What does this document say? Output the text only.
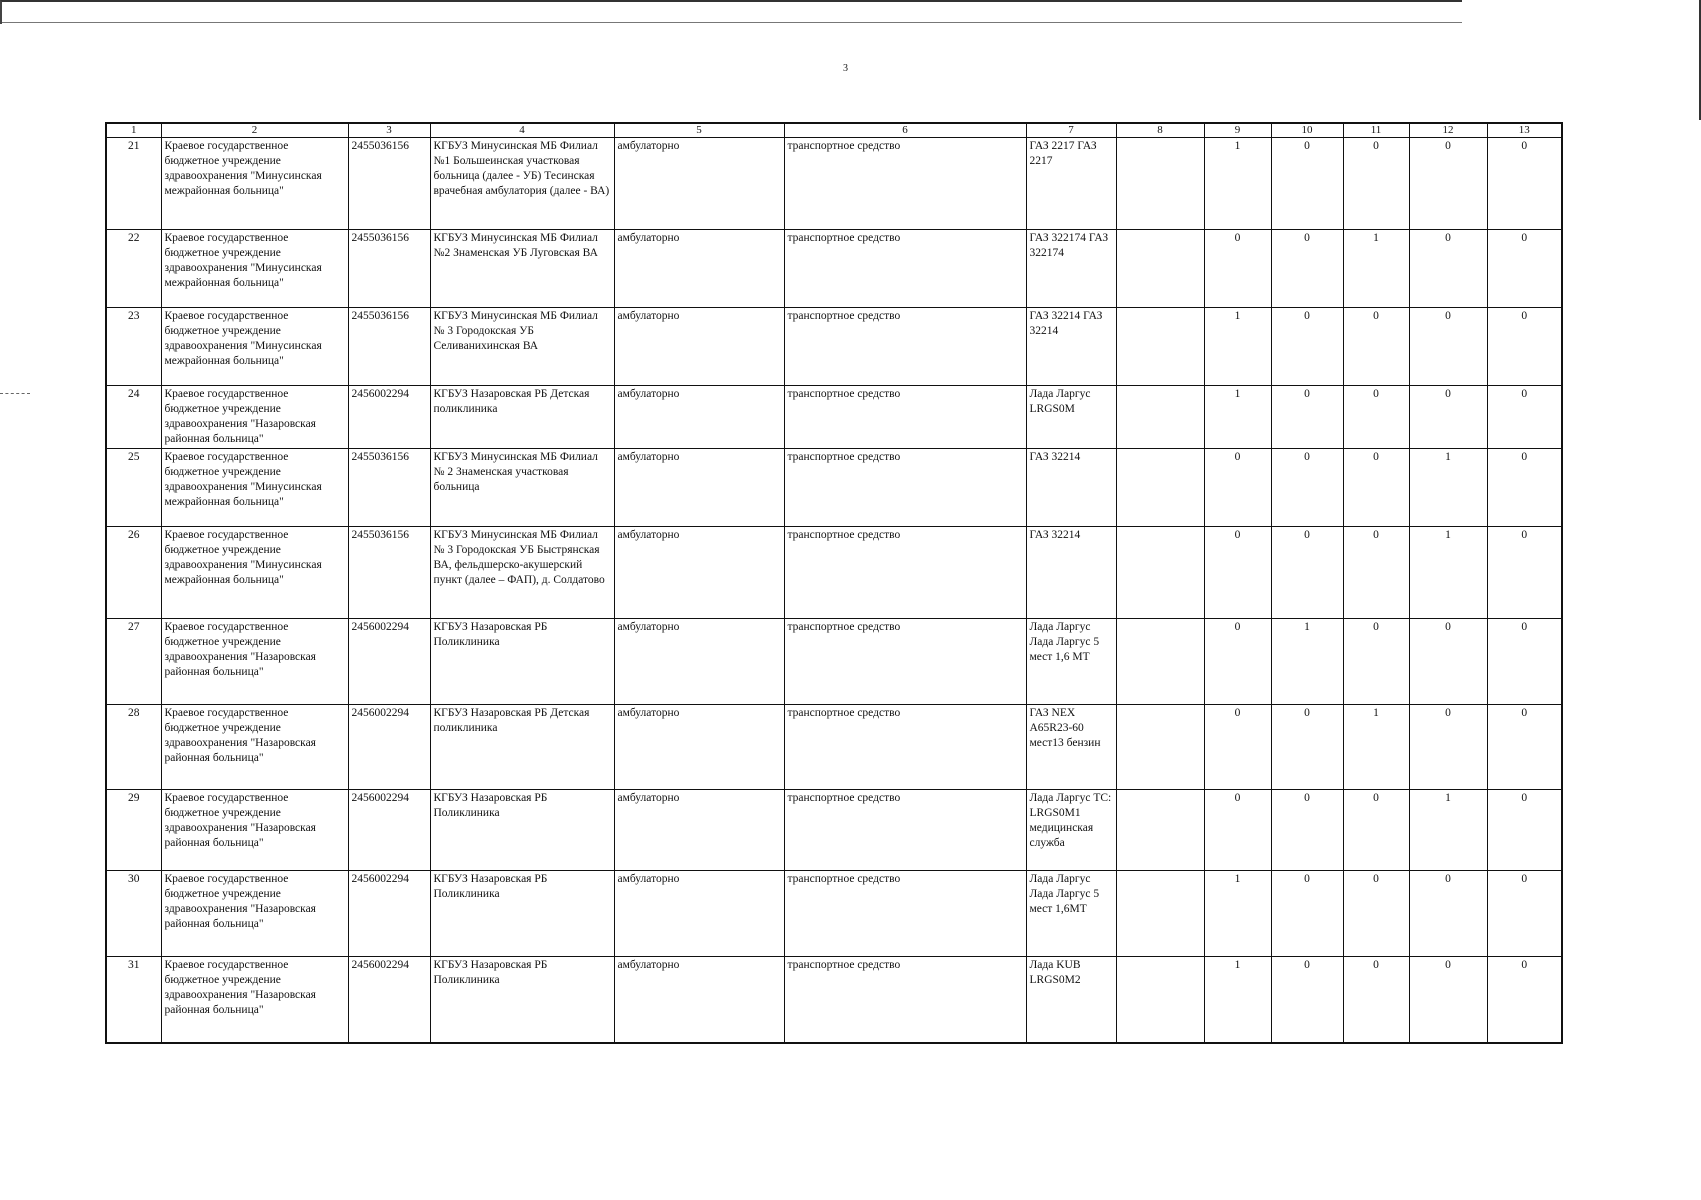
3
1	2	3	4	5	6	7	8	9	10	11	12	13
21	Краевое государственное бюджетное учреждение здравоохранения "Минусинская межрайонная больница"	2455036156	КГБУЗ Минусинская МБ Филиал №1 Большеинская участковая больница (далее - УБ) Тесинская врачебная амбулатория (далее - ВА)	амбулаторно	транспортное средство	ГАЗ 2217 ГАЗ 2217		1	0	0	0	0
22	Краевое государственное бюджетное учреждение здравоохранения "Минусинская межрайонная больница"	2455036156	КГБУЗ Минусинская МБ Филиал №2 Знаменская УБ Луговская ВА	амбулаторно	транспортное средство	ГАЗ 322174 ГАЗ 322174		0	0	1	0	0
23	Краевое государственное бюджетное учреждение здравоохранения "Минусинская межрайонная больница"	2455036156	КГБУЗ Минусинская МБ Филиал № 3 Городокская УБ Селиванихинская ВА	амбулаторно	транспортное средство	ГАЗ 32214 ГАЗ 32214		1	0	0	0	0
24	Краевое государственное бюджетное учреждение здравоохранения "Назаровская районная больница"	2456002294	КГБУЗ Назаровская РБ Детская поликлиника	амбулаторно	транспортное средство	Лада Ларгус LRGS0M		1	0	0	0	0
25	Краевое государственное бюджетное учреждение здравоохранения "Минусинская межрайонная больница"	2455036156	КГБУЗ Минусинская МБ Филиал № 2 Знаменская участковая больница	амбулаторно	транспортное средство	ГАЗ 32214		0	0	0	1	0
26	Краевое государственное бюджетное учреждение здравоохранения "Минусинская межрайонная больница"	2455036156	КГБУЗ Минусинская МБ Филиал № 3 Городокская УБ Быстрянская ВА, фельдшерско-акушерский пункт (далее – ФАП), д. Солдатово	амбулаторно	транспортное средство	ГАЗ 32214		0	0	0	1	0
27	Краевое государственное бюджетное учреждение здравоохранения "Назаровская районная больница"	2456002294	КГБУЗ Назаровская РБ Поликлиника	амбулаторно	транспортное средство	Лада Ларгус Лада Ларгус 5 мест 1,6 МТ		0	1	0	0	0
28	Краевое государственное бюджетное учреждение здравоохранения "Назаровская районная больница"	2456002294	КГБУЗ Назаровская РБ Детская поликлиника	амбулаторно	транспортное средство	ГАЗ NEX A65R23-60 мест13 бензин		0	0	1	0	0
29	Краевое государственное бюджетное учреждение здравоохранения "Назаровская районная больница"	2456002294	КГБУЗ Назаровская РБ Поликлиника	амбулаторно	транспортное средство	Лада Ларгус ТС: LRGS0M1 медицинская служба		0	0	0	1	0
30	Краевое государственное бюджетное учреждение здравоохранения "Назаровская районная больница"	2456002294	КГБУЗ Назаровская РБ Поликлиника	амбулаторно	транспортное средство	Лада Ларгус Лада Ларгус 5 мест 1,6МТ		1	0	0	0	0
31	Краевое государственное бюджетное учреждение здравоохранения "Назаровская районная больница"	2456002294	КГБУЗ Назаровская РБ Поликлиника	амбулаторно	транспортное средство	Лада KUB LRGS0M2		1	0	0	0	0
